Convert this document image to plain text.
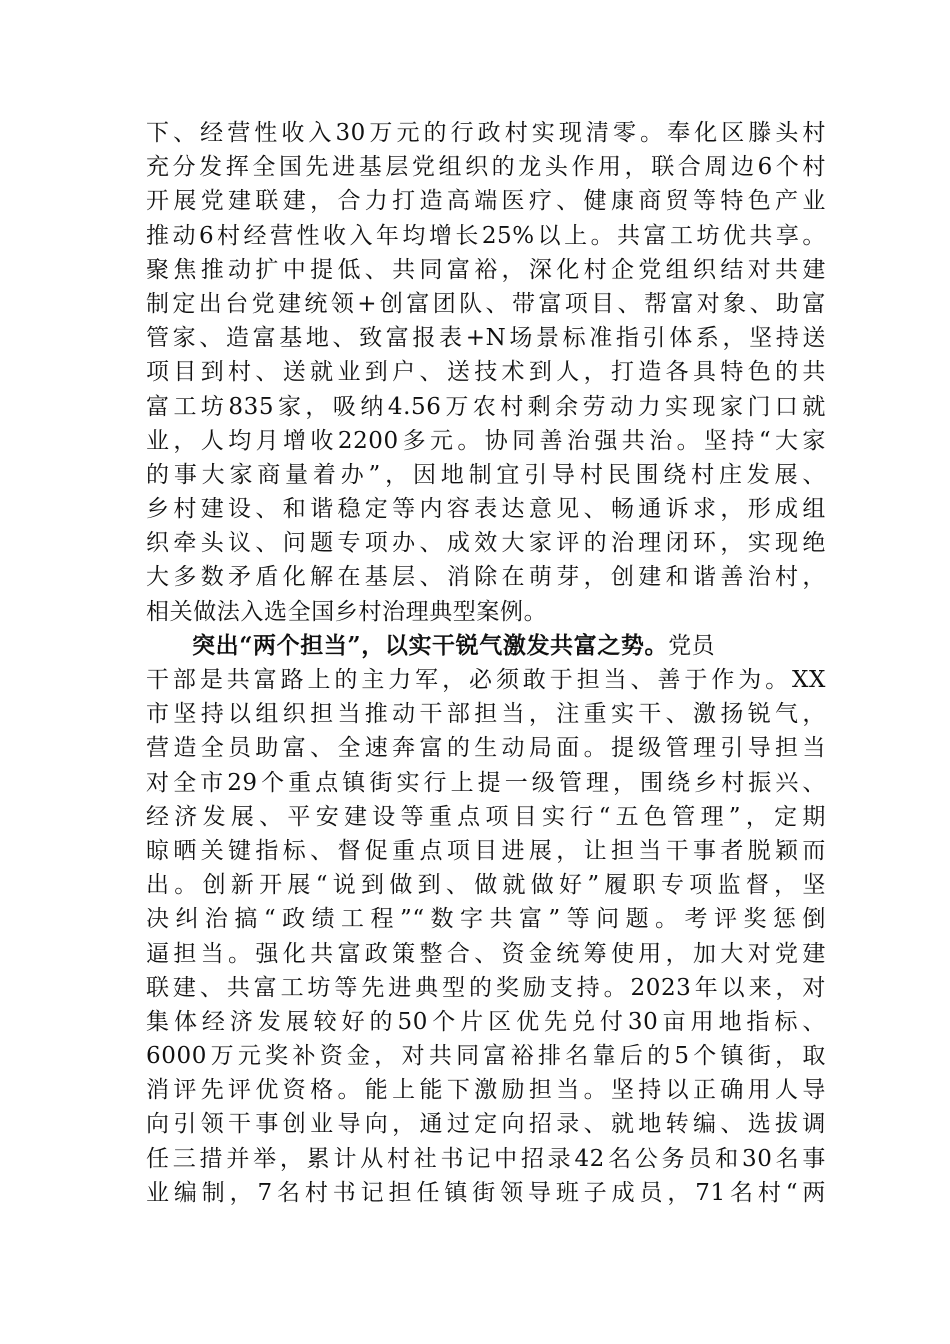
下、经营性收入30万元的行政村实现清零。奉化区滕头村
充分发挥全国先进基层党组织的龙头作用，联合周边6个村
开展党建联建，合力打造高端医疗、健康商贸等特色产业
推动6村经营性收入年均增长25%以上。共富工坊优共享。
聚焦推动扩中提低、共同富裕，深化村企党组织结对共建
制定出台党建统领+创富团队、带富项目、帮富对象、助富
管家、造富基地、致富报表+N场景标准指引体系，坚持送
项目到村、送就业到户、送技术到人，打造各具特色的共
富工坊835家，吸纳4.56万农村剩余劳动力实现家门口就
业，人均月增收2200多元。协同善治强共治。坚持“大家
的事大家商量着办”，因地制宜引导村民围绕村庄发展、
乡村建设、和谐稳定等内容表达意见、畅通诉求，形成组
织牵头议、问题专项办、成效大家评的治理闭环，实现绝
大多数矛盾化解在基层、消除在萌芽，创建和谐善治村，
相关做法入选全国乡村治理典型案例。
突出“两个担当”，以实干锐气激发共富之势。党员
干部是共富路上的主力军，必须敢于担当、善于作为。XX
市坚持以组织担当推动干部担当，注重实干、激扬锐气，
营造全员助富、全速奔富的生动局面。提级管理引导担当
对全市29个重点镇街实行上提一级管理，围绕乡村振兴、
经济发展、平安建设等重点项目实行“五色管理”，定期
晾晒关键指标、督促重点项目进展，让担当干事者脱颖而
出。创新开展“说到做到、做就做好”履职专项监督，坚
决纠治搞“政绩工程”“数字共富”等问题。考评奖惩倒
逼担当。强化共富政策整合、资金统筹使用，加大对党建
联建、共富工坊等先进典型的奖励支持。2023年以来，对
集体经济发展较好的50个片区优先兑付30亩用地指标、
6000万元奖补资金，对共同富裕排名靠后的5个镇街，取
消评先评优资格。能上能下激励担当。坚持以正确用人导
向引领干事创业导向，通过定向招录、就地转编、选拔调
任三措并举，累计从村社书记中招录42名公务员和30名事
业编制，7名村书记担任镇街领导班子成员，71名村“两
